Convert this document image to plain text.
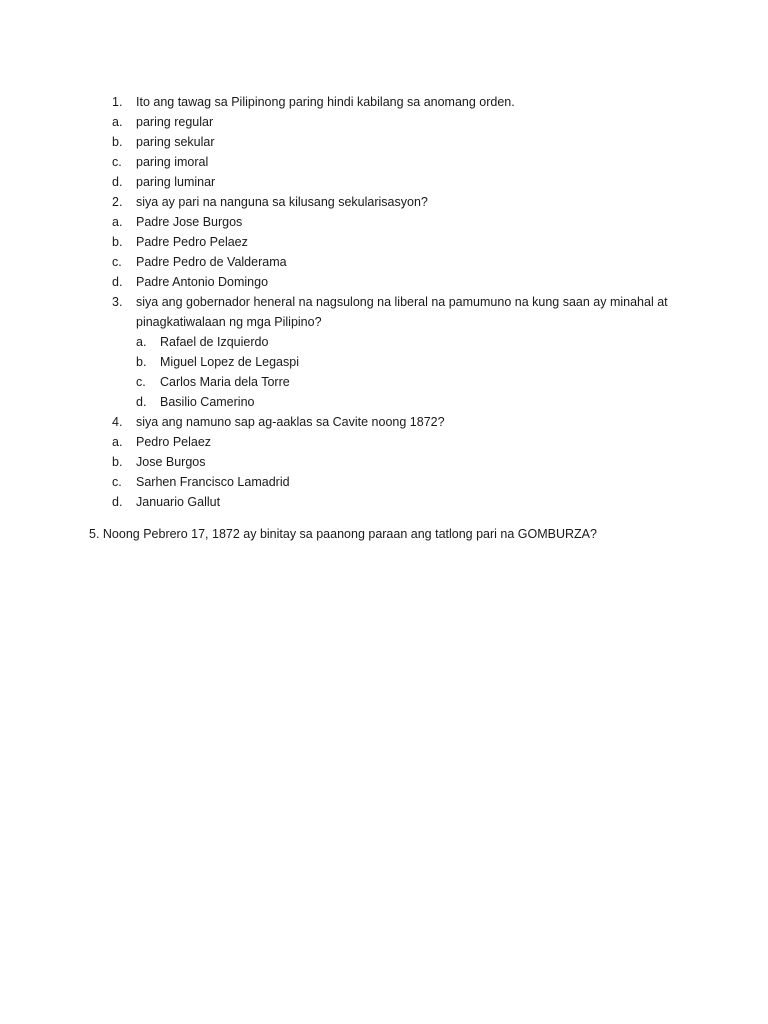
1. Ito ang tawag sa Pilipinong paring hindi kabilang sa anomang orden.
a. paring regular
b. paring sekular
c. paring imoral
d. paring luminar
2. siya ay pari na nanguna sa kilusang sekularisasyon?
a. Padre Jose Burgos
b. Padre Pedro Pelaez
c. Padre Pedro de Valderama
d. Padre Antonio Domingo
3. siya ang gobernador heneral na nagsulong na liberal na pamumuno na kung saan ay minahal at
pinagkatiwalaan ng mga Pilipino?
a. Rafael de Izquierdo
b. Miguel Lopez de Legaspi
c. Carlos Maria dela Torre
d. Basilio Camerino
4. siya ang namuno sap ag-aaklas sa Cavite noong 1872?
a. Pedro Pelaez
b. Jose Burgos
c. Sarhen Francisco Lamadrid
d. Januario Gallut
5. Noong Pebrero 17, 1872 ay binitay sa paanong paraan ang tatlong pari na GOMBURZA?
